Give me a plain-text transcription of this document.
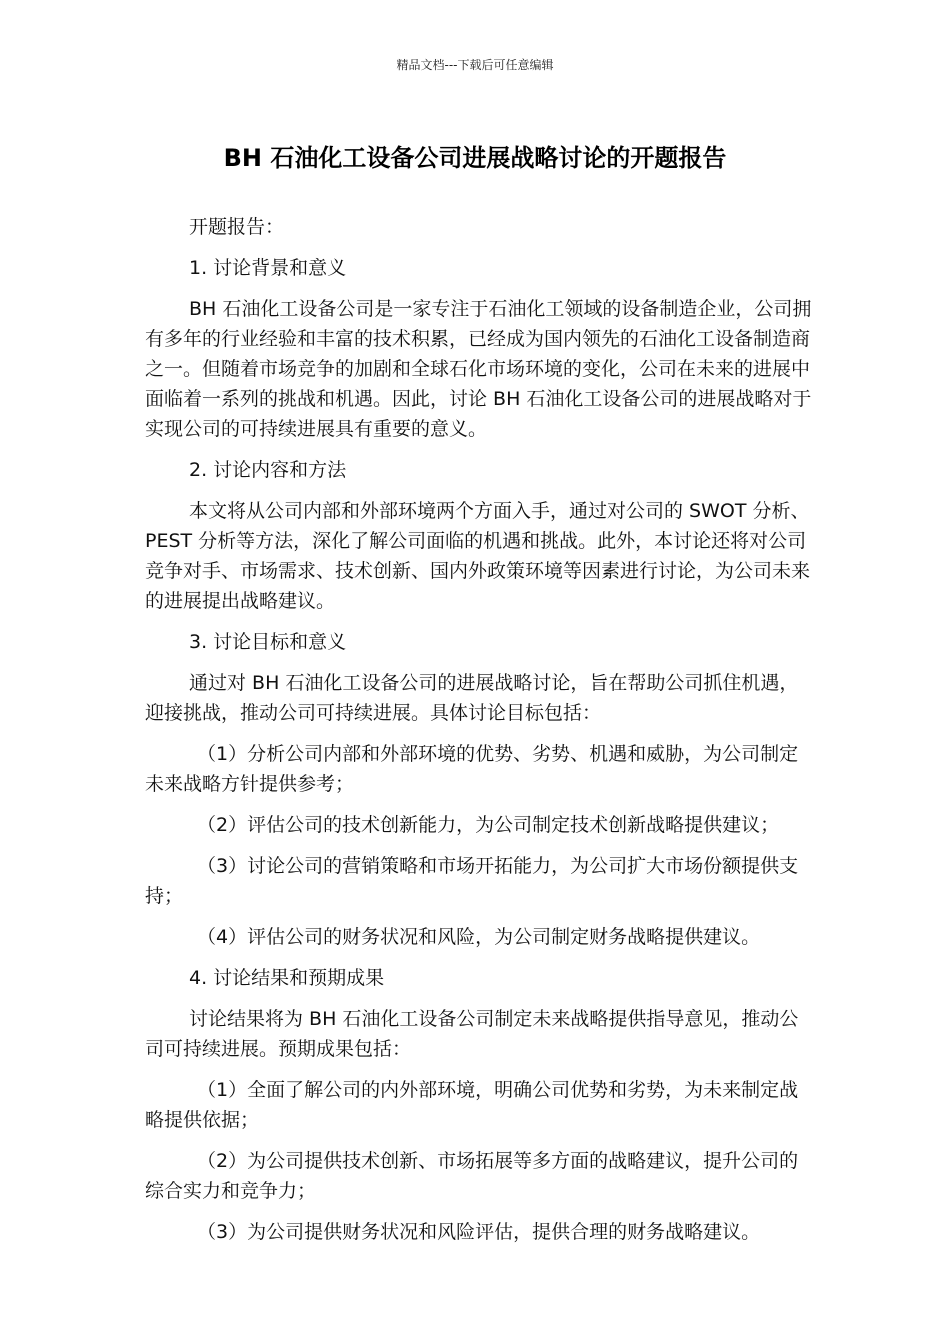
精品文档---下载后可任意编辑
BH 石油化工设备公司进展战略讨论的开题报告

开题报告：

1. 讨论背景和意义

BH 石油化工设备公司是一家专注于石油化工领域的设备制造企业，公司拥有多年的行业经验和丰富的技术积累，已经成为国内领先的石油化工设备制造商之一。但随着市场竞争的加剧和全球石化市场环境的变化，公司在未来的进展中面临着一系列的挑战和机遇。因此，讨论 BH 石油化工设备公司的进展战略对于实现公司的可持续进展具有重要的意义。

2. 讨论内容和方法

本文将从公司内部和外部环境两个方面入手，通过对公司的 SWOT 分析、PEST 分析等方法，深化了解公司面临的机遇和挑战。此外，本讨论还将对公司竞争对手、市场需求、技术创新、国内外政策环境等因素进行讨论，为公司未来的进展提出战略建议。

3. 讨论目标和意义

通过对 BH 石油化工设备公司的进展战略讨论，旨在帮助公司抓住机遇，迎接挑战，推动公司可持续进展。具体讨论目标包括：

（1）分析公司内部和外部环境的优势、劣势、机遇和威胁，为公司制定未来战略方针提供参考；

（2）评估公司的技术创新能力，为公司制定技术创新战略提供建议；

（3）讨论公司的营销策略和市场开拓能力，为公司扩大市场份额提供支持；

（4）评估公司的财务状况和风险，为公司制定财务战略提供建议。

4. 讨论结果和预期成果

讨论结果将为 BH 石油化工设备公司制定未来战略提供指导意见，推动公司可持续进展。预期成果包括：

（1）全面了解公司的内外部环境，明确公司优势和劣势，为未来制定战略提供依据；

（2）为公司提供技术创新、市场拓展等多方面的战略建议，提升公司的综合实力和竞争力；

（3）为公司提供财务状况和风险评估，提供合理的财务战略建议。
